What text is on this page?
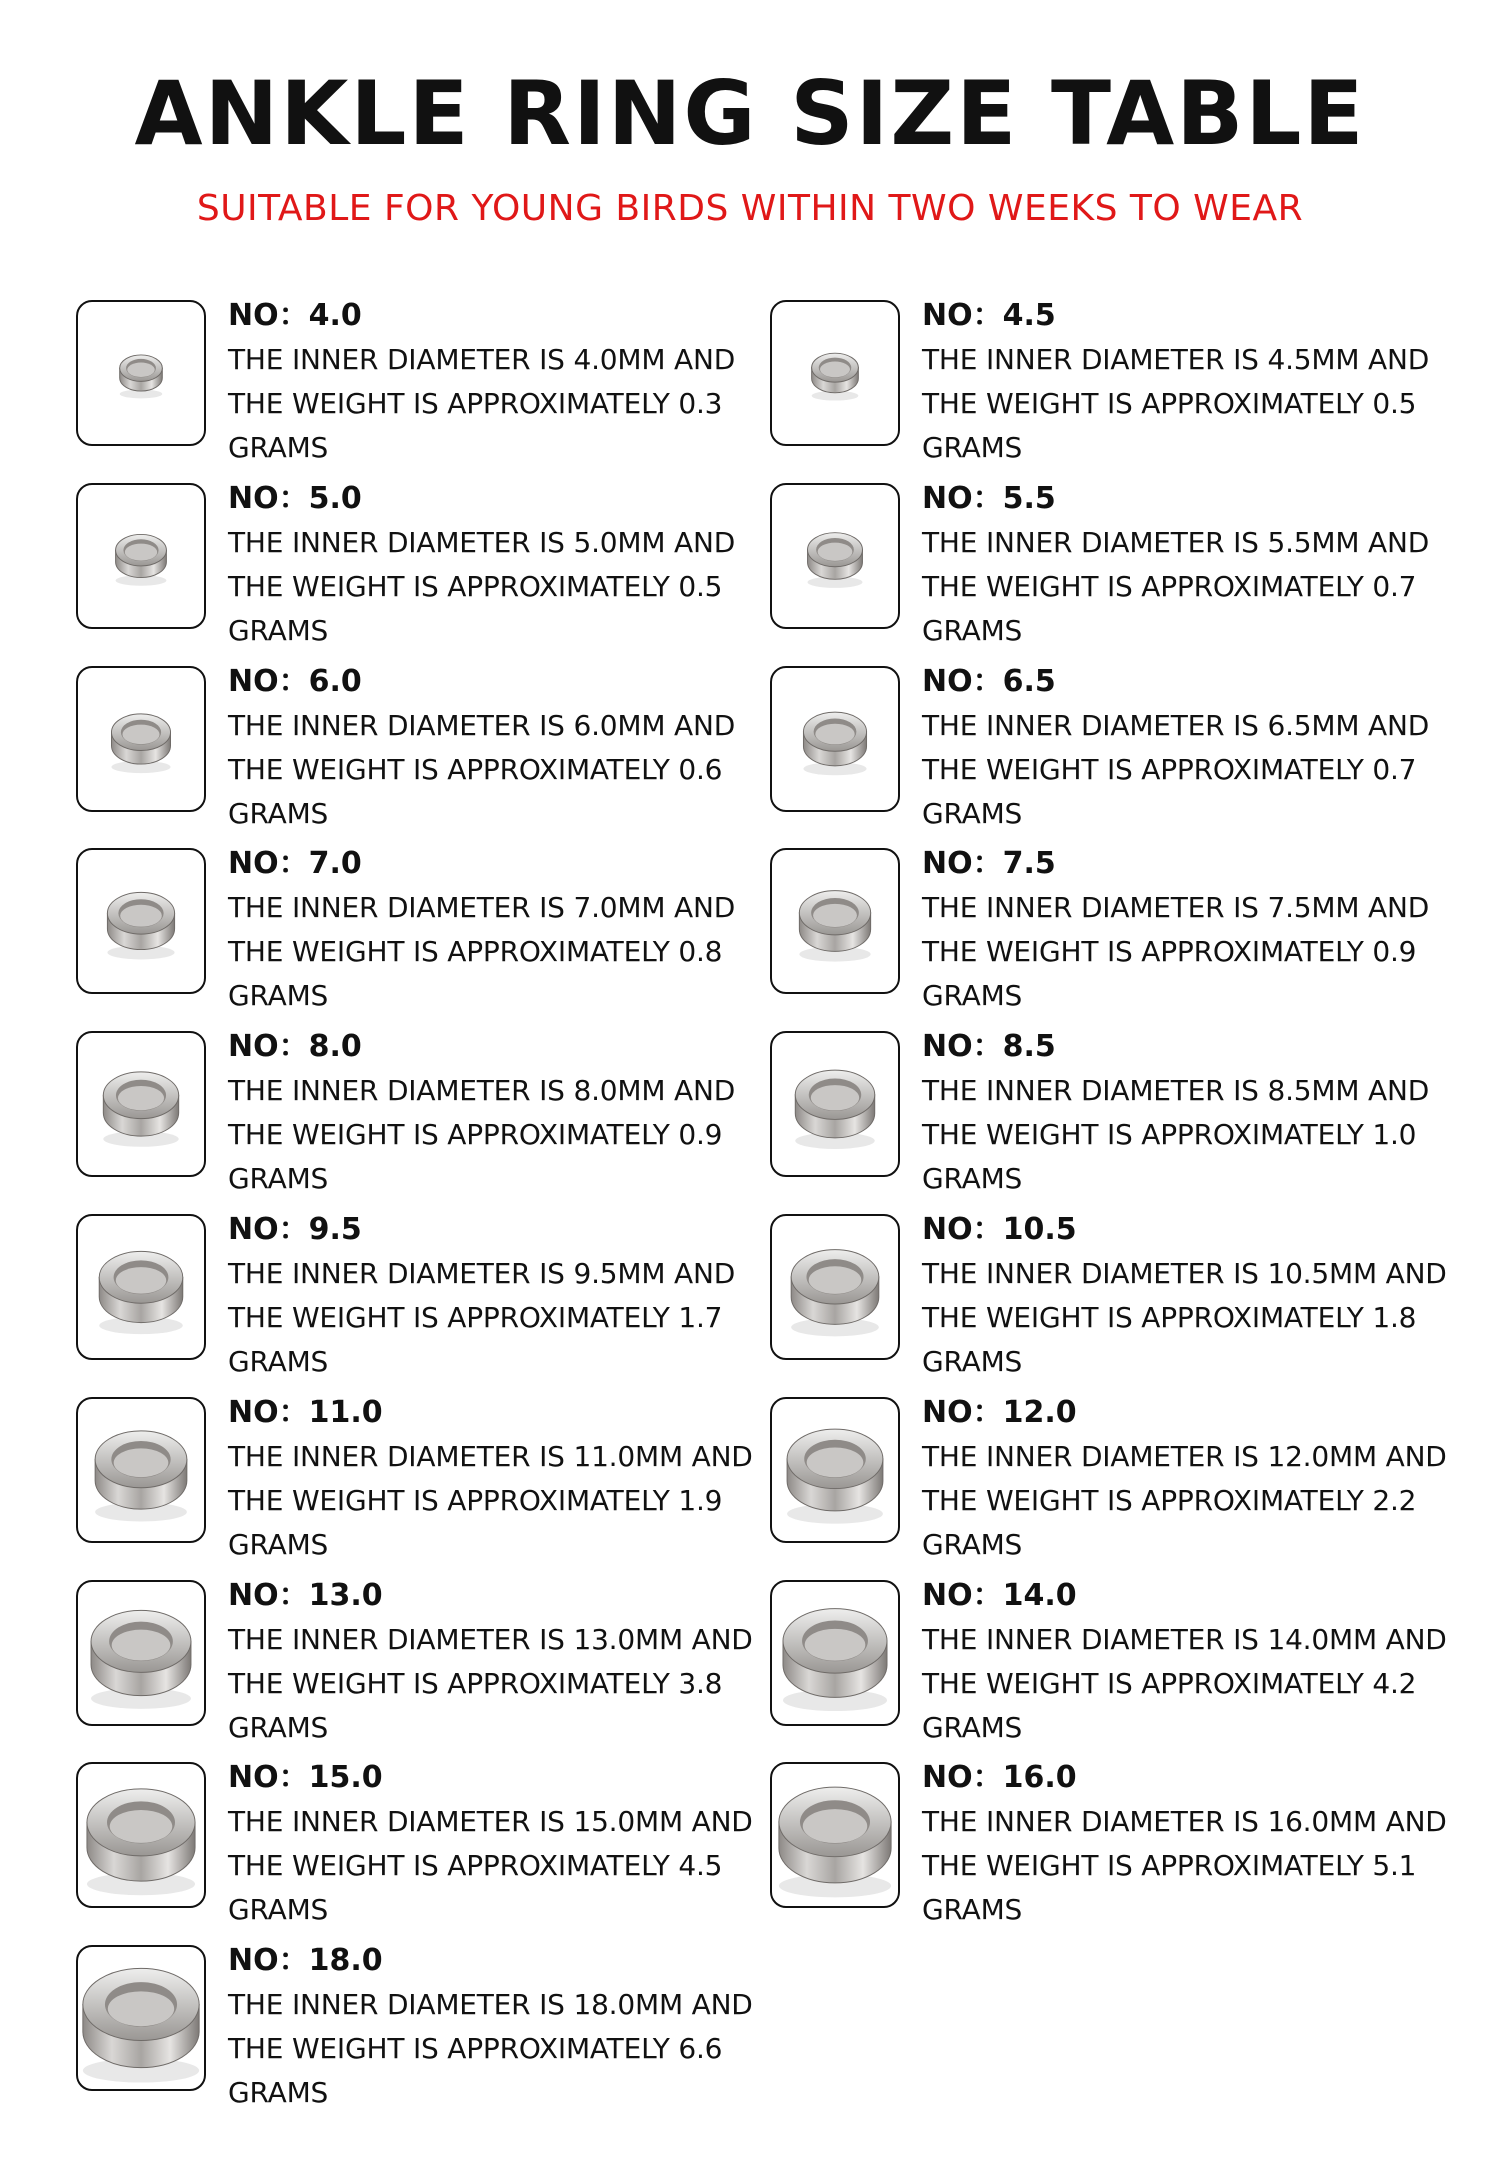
ANKLE RING SIZE TABLE
SUITABLE FOR YOUNG BIRDS WITHIN TWO WEEKS TO WEAR
NO：4.0
THE INNER DIAMETER IS 4.0MM AND
THE WEIGHT IS APPROXIMATELY 0.3
GRAMS
NO：4.5
THE INNER DIAMETER IS 4.5MM AND
THE WEIGHT IS APPROXIMATELY 0.5
GRAMS
NO：5.0
THE INNER DIAMETER IS 5.0MM AND
THE WEIGHT IS APPROXIMATELY 0.5
GRAMS
NO：5.5
THE INNER DIAMETER IS 5.5MM AND
THE WEIGHT IS APPROXIMATELY 0.7
GRAMS
NO：6.0
THE INNER DIAMETER IS 6.0MM AND
THE WEIGHT IS APPROXIMATELY 0.6
GRAMS
NO：6.5
THE INNER DIAMETER IS 6.5MM AND
THE WEIGHT IS APPROXIMATELY 0.7
GRAMS
NO：7.0
THE INNER DIAMETER IS 7.0MM AND
THE WEIGHT IS APPROXIMATELY 0.8
GRAMS
NO：7.5
THE INNER DIAMETER IS 7.5MM AND
THE WEIGHT IS APPROXIMATELY 0.9
GRAMS
NO：8.0
THE INNER DIAMETER IS 8.0MM AND
THE WEIGHT IS APPROXIMATELY 0.9
GRAMS
NO：8.5
THE INNER DIAMETER IS 8.5MM AND
THE WEIGHT IS APPROXIMATELY 1.0
GRAMS
NO：9.5
THE INNER DIAMETER IS 9.5MM AND
THE WEIGHT IS APPROXIMATELY 1.7
GRAMS
NO：10.5
THE INNER DIAMETER IS 10.5MM AND
THE WEIGHT IS APPROXIMATELY 1.8
GRAMS
NO：11.0
THE INNER DIAMETER IS 11.0MM AND
THE WEIGHT IS APPROXIMATELY 1.9
GRAMS
NO：12.0
THE INNER DIAMETER IS 12.0MM AND
THE WEIGHT IS APPROXIMATELY 2.2
GRAMS
NO：13.0
THE INNER DIAMETER IS 13.0MM AND
THE WEIGHT IS APPROXIMATELY 3.8
GRAMS
NO：14.0
THE INNER DIAMETER IS 14.0MM AND
THE WEIGHT IS APPROXIMATELY 4.2
GRAMS
NO：15.0
THE INNER DIAMETER IS 15.0MM AND
THE WEIGHT IS APPROXIMATELY 4.5
GRAMS
NO：16.0
THE INNER DIAMETER IS 16.0MM AND
THE WEIGHT IS APPROXIMATELY 5.1
GRAMS
NO：18.0
THE INNER DIAMETER IS 18.0MM AND
THE WEIGHT IS APPROXIMATELY 6.6
GRAMS
